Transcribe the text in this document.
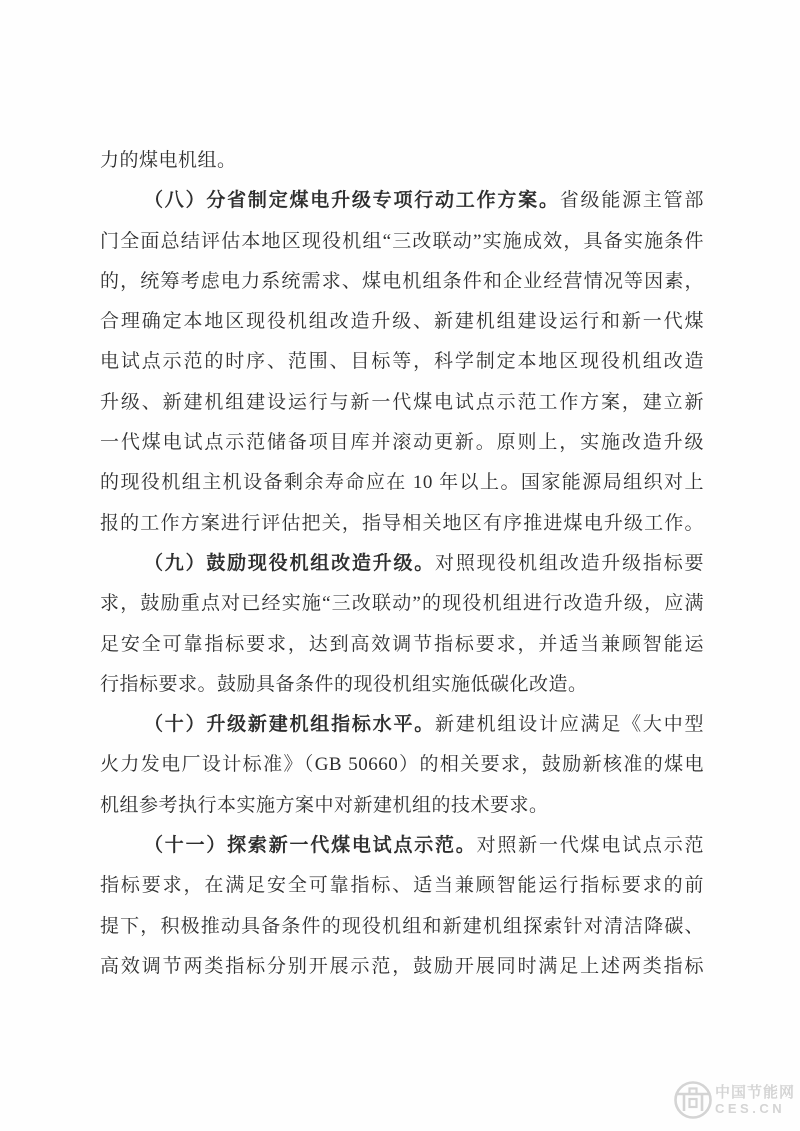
力的煤电机组。
（八）分省制定煤电升级专项行动工作方案。省级能源主管部
门全面总结评估本地区现役机组“三改联动”实施成效，具备实施条件
的，统筹考虑电力系统需求、煤电机组条件和企业经营情况等因素，
合理确定本地区现役机组改造升级、新建机组建设运行和新一代煤
电试点示范的时序、范围、目标等，科学制定本地区现役机组改造
升级、新建机组建设运行与新一代煤电试点示范工作方案，建立新
一代煤电试点示范储备项目库并滚动更新。原则上，实施改造升级
的现役机组主机设备剩余寿命应在 10 年以上。国家能源局组织对上
报的工作方案进行评估把关，指导相关地区有序推进煤电升级工作。
（九）鼓励现役机组改造升级。对照现役机组改造升级指标要
求，鼓励重点对已经实施“三改联动”的现役机组进行改造升级，应满
足安全可靠指标要求，达到高效调节指标要求，并适当兼顾智能运
行指标要求。鼓励具备条件的现役机组实施低碳化改造。
（十）升级新建机组指标水平。新建机组设计应满足《大中型
火力发电厂设计标准》（GB 50660）的相关要求，鼓励新核准的煤电
机组参考执行本实施方案中对新建机组的技术要求。
（十一）探索新一代煤电试点示范。对照新一代煤电试点示范
指标要求，在满足安全可靠指标、适当兼顾智能运行指标要求的前
提下，积极推动具备条件的现役机组和新建机组探索针对清洁降碳、
高效调节两类指标分别开展示范，鼓励开展同时满足上述两类指标
中国节能网
CES.CN
